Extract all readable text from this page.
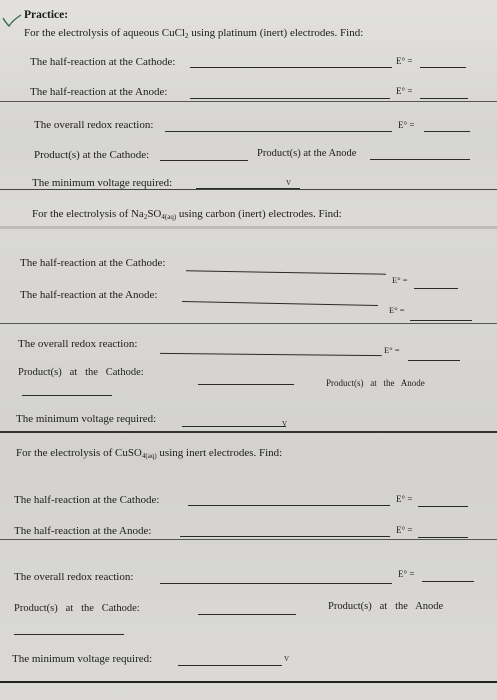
Practice:
For the electrolysis of aqueous CuCl$_2$ using platinum (inert) electrodes. Find:
The half-reaction at the Cathode:	E° =
The half-reaction at the Anode:	E° =
The overall redox reaction:	E° =
Product(s) at the Cathode:	Product(s) at the Anode
The minimum voltage required:	V
For the electrolysis of $Na_2SO_{4(aq)}$ using carbon (inert) electrodes. Find:
The half-reaction at the Cathode:
E° =
The half-reaction at the Anode:
E° =
The overall redox reaction:	E° =
Product(s)   at   the   Cathode:
Product(s)   at   the   Anode
The minimum voltage required:	V
For the electrolysis of CuSO$_{4(aq)}$ using inert electrodes. Find:
The half-reaction at the Cathode:	E° =
The half-reaction at the Anode:	E° =
The overall redox reaction:	E° =
Product(s)   at   the   Cathode:	Product(s)   at   the   Anode
The minimum voltage required:	V
